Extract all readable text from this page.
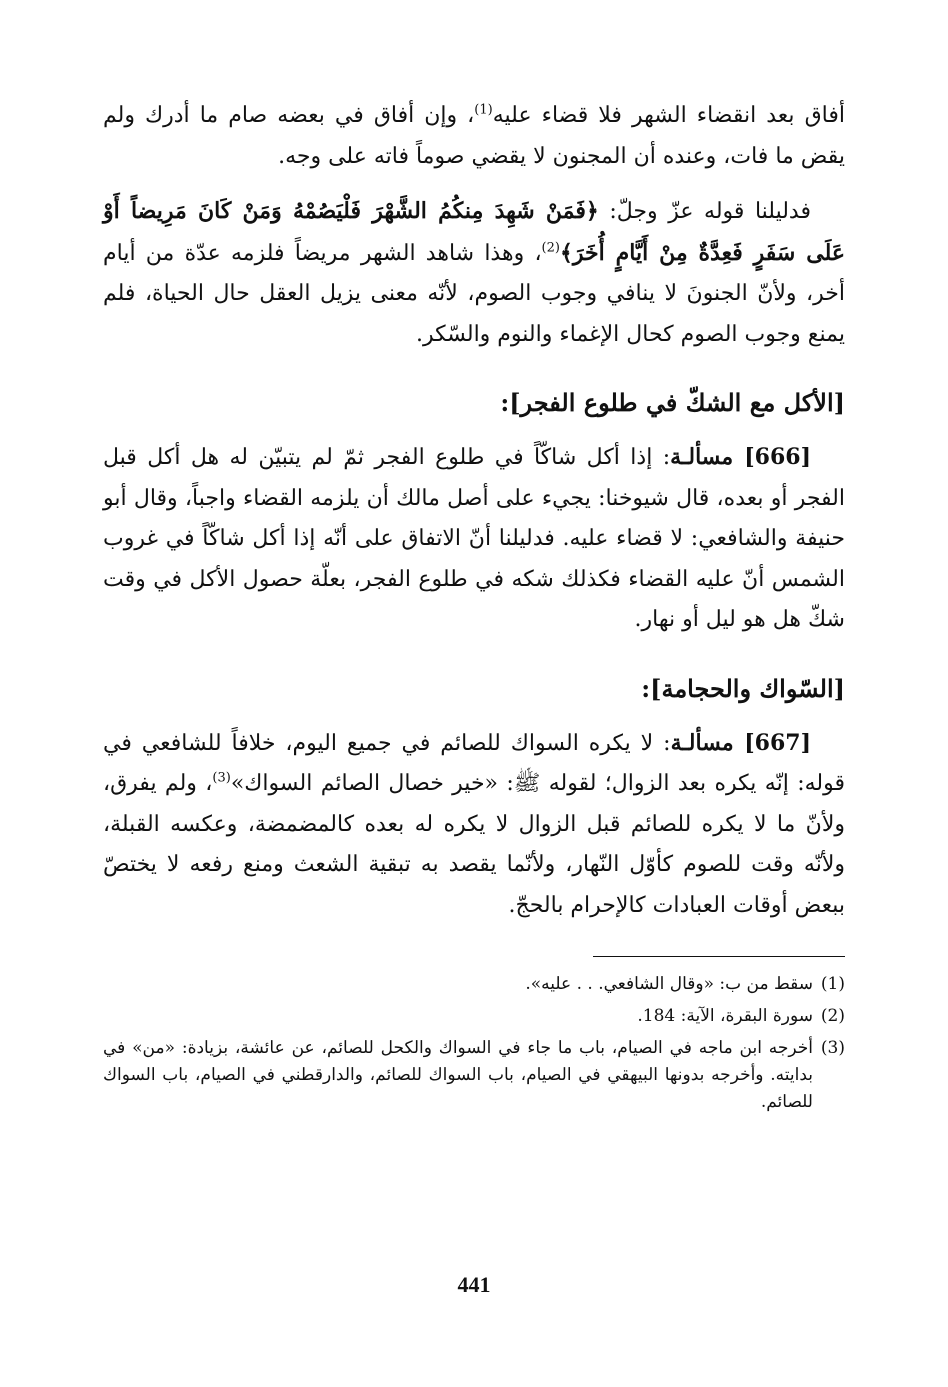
أفاق بعد انقضاء الشهر فلا قضاء عليه$^{(1)}$، وإن أفاق في بعضه صام ما أدرك ولم يقض ما فات، وعنده أن المجنون لا يقضي صوماً فاته على وجه.

فدليلنا قوله عزّ وجلّ: ﴿فَمَنْ شَهِدَ مِنكُمُ الشَّهْرَ فَلْيَصُمْهُ وَمَنْ كَانَ مَرِيضاً أَوْ عَلَى سَفَرٍ فَعِدَّةٌ مِنْ أَيَّامٍ أُخَرَ﴾$^{(2)}$، وهذا شاهد الشهر مريضاً فلزمه عدّة من أيام أخر، ولأنّ الجنونَ لا ينافي وجوب الصوم، لأنّه معنى يزيل العقل حال الحياة، فلم يمنع وجوب الصوم كحال الإغماء والنوم والسّكر.

[الأكل مع الشكّ في طلوع الفجر]:

[666] مسألـة: إذا أكل شاكّاً في طلوع الفجر ثمّ لم يتبيّن له هل أكل قبل الفجر أو بعده، قال شيوخنا: يجيء على أصل مالك أن يلزمه القضاء واجباً، وقال أبو حنيفة والشافعي: لا قضاء عليه. فدليلنا أنّ الاتفاق على أنّه إذا أكل شاكّاً في غروب الشمس أنّ عليه القضاء فكذلك شكه في طلوع الفجر، بعلّة حصول الأكل في وقت شكّ هل هو ليل أو نهار.

[السّواك والحجامة]:

[667] مسألـة: لا يكره السواك للصائم في جميع اليوم، خلافاً للشافعي في قوله: إنّه يكره بعد الزوال؛ لقوله ﷺ: «خير خصال الصائم السواك»$^{(3)}$، ولم يفرق، ولأنّ ما لا يكره للصائم قبل الزوال لا يكره له بعده كالمضمضة، وعكسه القبلة، ولأنّه وقت للصوم كأوّل النّهار، ولأنّما يقصد به تبقية الشعث ومنع رفعه لا يختصّ ببعض أوقات العبادات كالإحرام بالحجّ.

(1)
سقط من ب: «وقال الشافعي. . . عليه».
(2)
سورة البقرة، الآية: 184.
(3)
أخرجه ابن ماجه في الصيام، باب ما جاء في السواك والكحل للصائم، عن عائشة، بزيادة: «من» في بدايته. وأخرجه بدونها البيهقي في الصيام، باب السواك للصائم، والدارقطني في الصيام، باب السواك للصائم.
441
